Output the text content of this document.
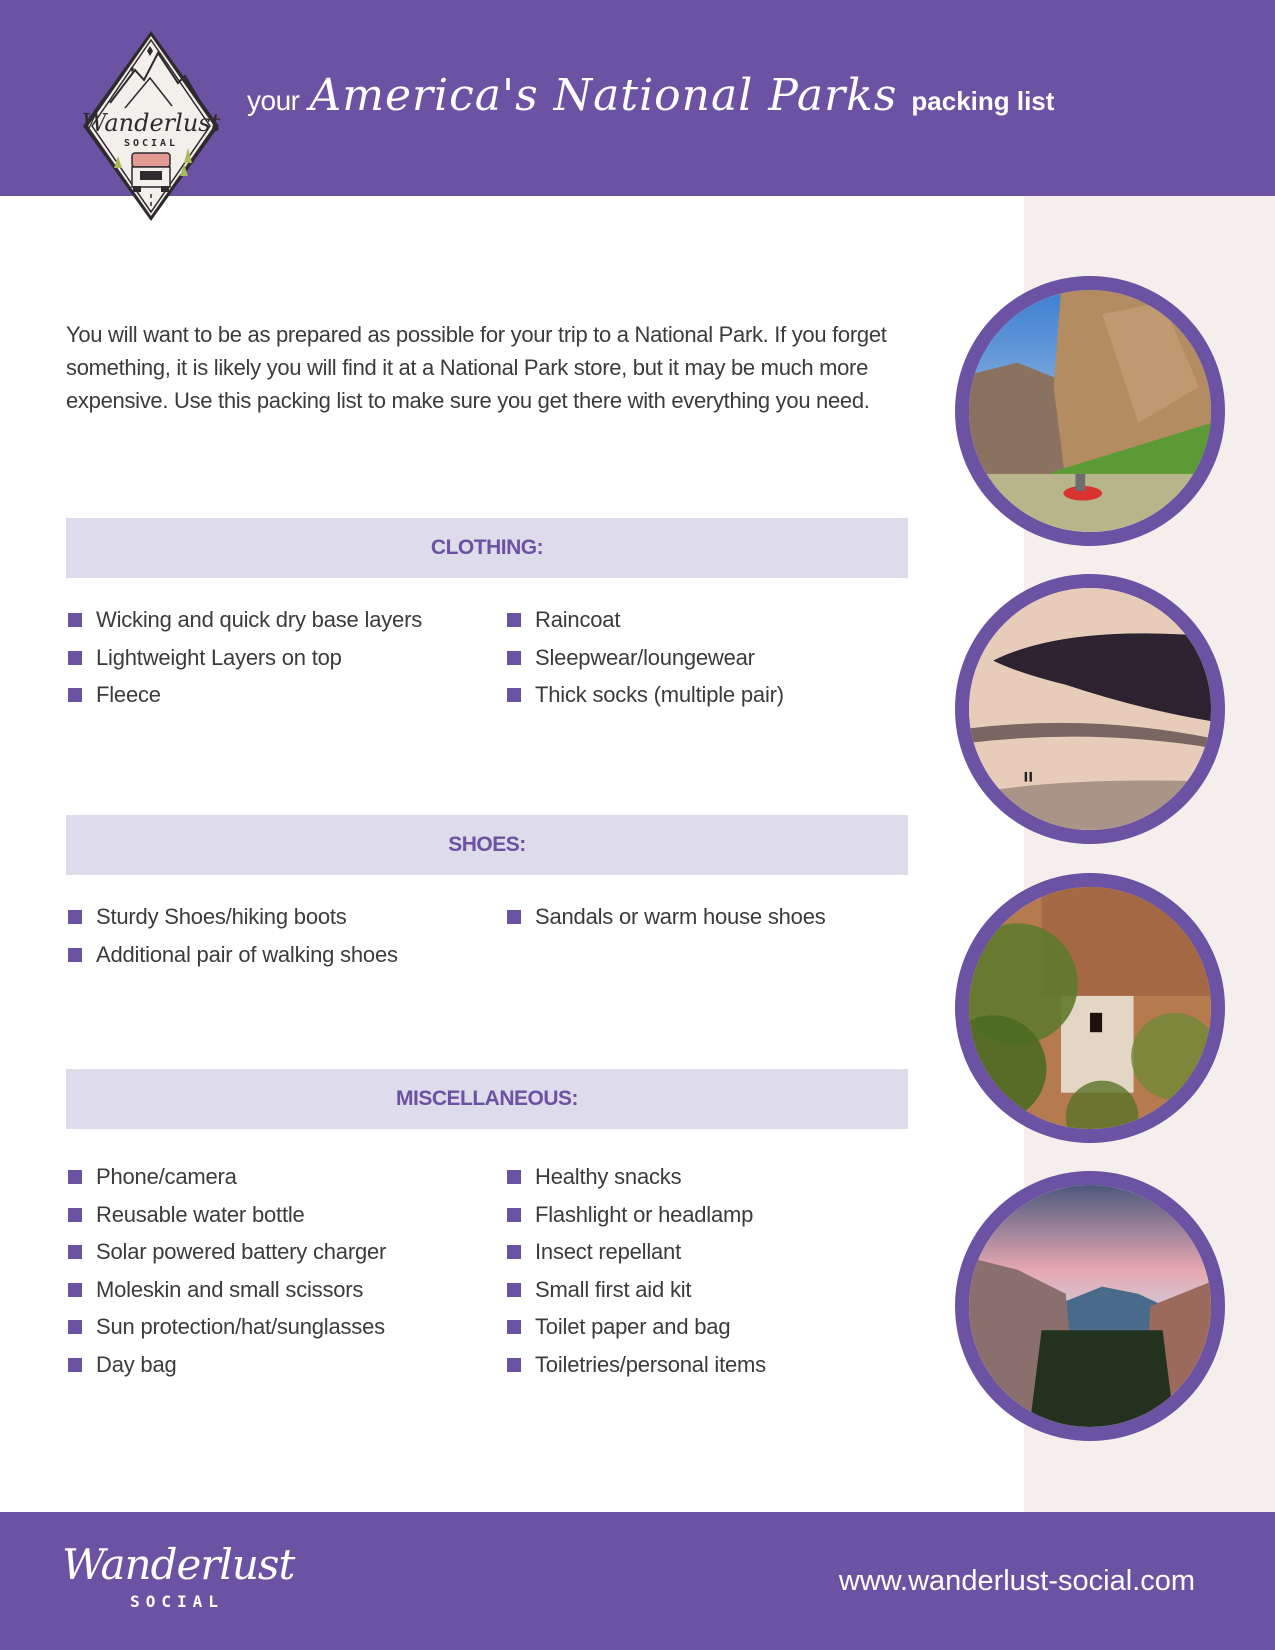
Wanderlust
SOCIAL
your America's National Parks packing list

You will want to be as prepared as possible for your trip to a National Park. If you forget something, it is likely you will find it at a National Park store, but it may be much more expensive. Use this packing list to make sure you get there with everything you need.

CLOTHING:
Wicking and quick dry base layers
Lightweight Layers on top
Fleece
Raincoat
Sleepwear/loungewear
Thick socks (multiple pair)
SHOES:
Sturdy Shoes/hiking boots
Additional pair of walking shoes
Sandals or warm house shoes
MISCELLANEOUS:
Phone/camera
Reusable water bottle
Solar powered battery charger
Moleskin and small scissors
Sun protection/hat/sunglasses
Day bag
Healthy snacks
Flashlight or headlamp
Insect repellant
Small first aid kit
Toilet paper and bag
Toiletries/personal items
Wanderlust
SOCIAL
www.wanderlust-social.com
